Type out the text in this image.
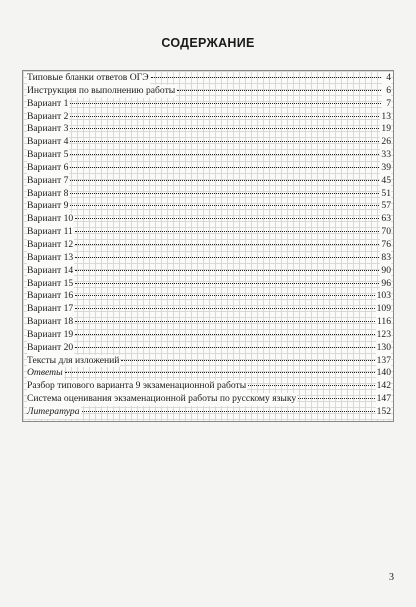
СОДЕРЖАНИЕ
Типовые бланки ответов ОГЭ	4
Инструкция по выполнению работы	6
Вариант 1	7
Вариант 2	13
Вариант 3	19
Вариант 4	26
Вариант 5	33
Вариант 6	39
Вариант 7	45
Вариант 8	51
Вариант 9	57
Вариант 10	63
Вариант 11	70
Вариант 12	76
Вариант 13	83
Вариант 14	90
Вариант 15	96
Вариант 16	103
Вариант 17	109
Вариант 18	116
Вариант 19	123
Вариант 20	130
Тексты для изложений	137
Ответы	140
Разбор типового варианта 9 экзаменационной работы	142
Система оценивания экзаменационной работы по русскому языку	147
Литература	152
3
